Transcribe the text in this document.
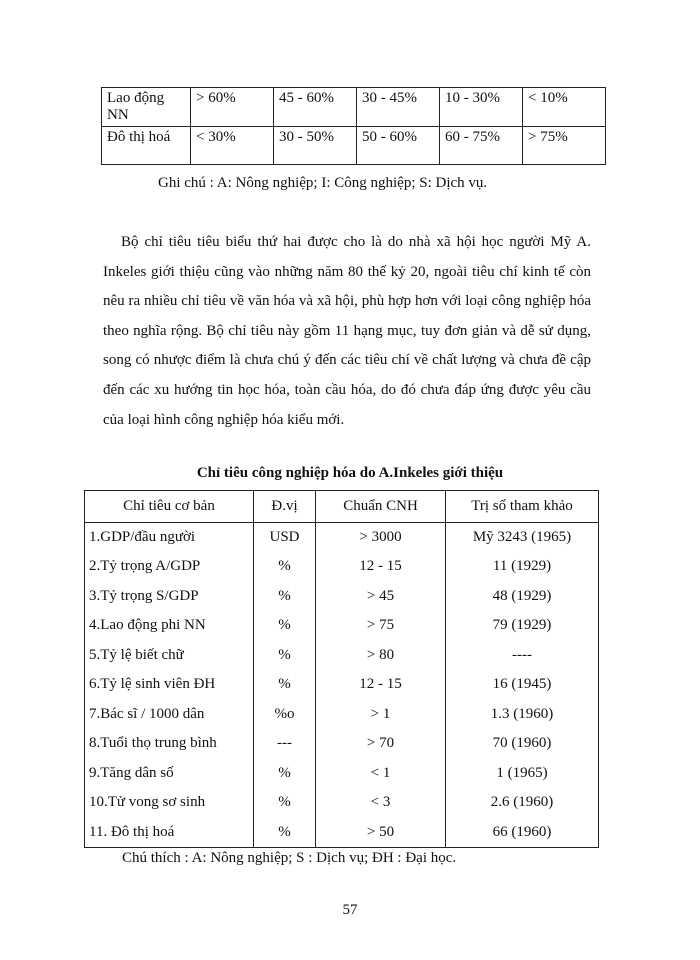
Lao động NN	> 60%	45 - 60%	30 - 45%	10 - 30%	< 10%
Đô thị hoá	< 30%	30 - 50%	50 - 60%	60 - 75%	> 75%
Ghi chú : A: Nông nghiệp; I: Công nghiệp; S: Dịch vụ.

Bộ chỉ tiêu tiêu biểu thứ hai được cho là do nhà xã hội học người Mỹ A. Inkeles giới thiệu cũng vào những năm 80 thế kỷ 20, ngoài tiêu chí kinh tế còn nêu ra nhiều chỉ tiêu về văn hóa và xã hội, phù hợp hơn với loại công nghiệp hóa theo nghĩa rộng. Bộ chỉ tiêu này gồm 11 hạng mục, tuy đơn giản và dễ sử dụng, song có nhược điểm là chưa chú ý đến các tiêu chí về chất lượng và chưa đề cập đến các xu hướng tin học hóa, toàn cầu hóa, do đó chưa đáp ứng được yêu cầu của loại hình công nghiệp hóa kiểu mới.

Chỉ tiêu công nghiệp hóa do A.Inkeles giới thiệu
Chỉ tiêu cơ bản	Đ.vị	Chuẩn CNH	Trị số tham khảo
1.GDP/đầu người	USD	> 3000	Mỹ 3243 (1965)
2.Tỷ trọng A/GDP	%	12 - 15	11 (1929)
3.Tỷ trọng S/GDP	%	> 45	48 (1929)
4.Lao động phi NN	%	> 75	79 (1929)
5.Tỷ lệ biết chữ	%	> 80	----
6.Tỷ lệ sinh viên ĐH	%	12 - 15	16 (1945)
7.Bác sĩ / 1000 dân	%o	> 1	1.3 (1960)
8.Tuổi thọ trung bình	---	> 70	70 (1960)
9.Tăng dân số	%	< 1	1 (1965)
10.Tử vong sơ sinh	%	< 3	2.6 (1960)
11. Đô thị hoá	%	> 50	66 (1960)
Chú thích : A: Nông nghiệp; S : Dịch vụ; ĐH : Đại học.
57
